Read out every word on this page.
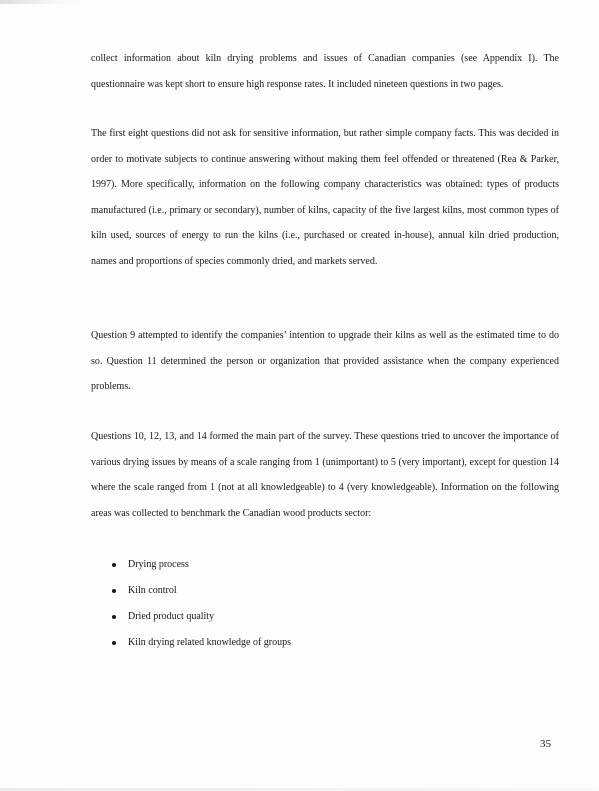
collect information about kiln drying problems and issues of Canadian companies (see Appendix I). The questionnaire was kept short to ensure high response rates. It included nineteen questions in two pages.

The first eight questions did not ask for sensitive information, but rather simple company facts. This was decided in order to motivate subjects to continue answering without making them feel offended or threatened (Rea & Parker, 1997). More specifically, information on the following company characteristics was obtained: types of products manufactured (i.e., primary or secondary), number of kilns, capacity of the five largest kilns, most common types of kiln used, sources of energy to run the kilns (i.e., purchased or created in-house), annual kiln dried production, names and proportions of species commonly dried, and markets served.

Question 9 attempted to identify the companies’ intention to upgrade their kilns as well as the estimated time to do so. Question 11 determined the person or organization that provided assistance when the company experienced problems.

Questions 10, 12, 13, and 14 formed the main part of the survey. These questions tried to uncover the importance of various drying issues by means of a scale ranging from 1 (unimportant) to 5 (very important), except for question 14 where the scale ranged from 1 (not at all knowledgeable) to 4 (very knowledgeable). Information on the following areas was collected to benchmark the Canadian wood products sector:

Drying process
Kiln control
Dried product quality
Kiln drying related knowledge of groups
35
